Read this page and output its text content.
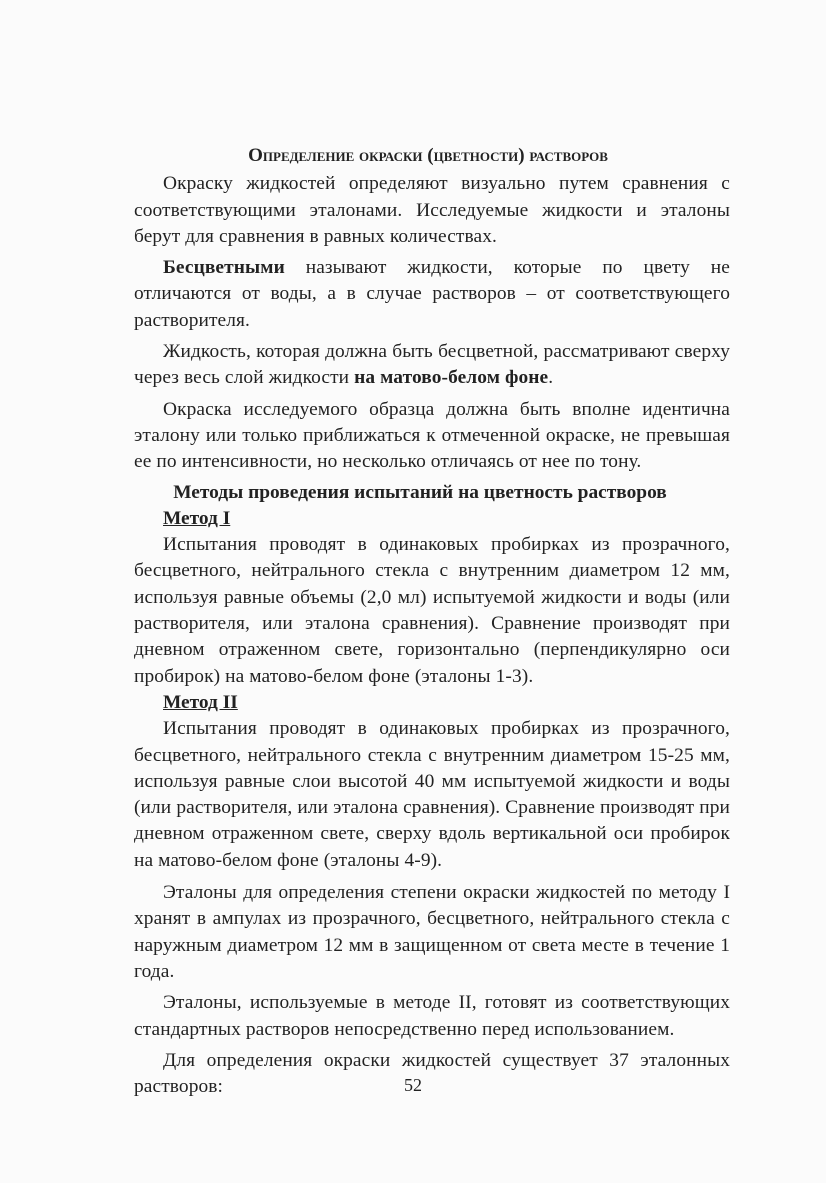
Определение окраски (цветности) растворов

Окраску жидкостей определяют визуально путем сравнения с соответствующими эталонами. Исследуемые жидкости и эталоны берут для сравнения в равных количествах.

Бесцветными называют жидкости, которые по цвету не отличаются от воды, а в случае растворов – от соответствующего растворителя.

Жидкость, которая должна быть бесцветной, рассматривают сверху через весь слой жидкости на матово-белом фоне.

Окраска исследуемого образца должна быть вполне идентична эталону или только приближаться к отмеченной окраске, не превышая ее по интенсивности, но несколько отличаясь от нее по тону.

Методы проведения испытаний на цветность растворов
Метод I

Испытания проводят в одинаковых пробирках из прозрачного, бесцветного, нейтрального стекла с внутренним диаметром 12 мм, используя равные объемы (2,0 мл) испытуемой жидкости и воды (или растворителя, или эталона сравнения). Сравнение производят при дневном отраженном свете, горизонтально (перпендикулярно оси пробирок) на матово-белом фоне (эталоны 1-3).

Метод II

Испытания проводят в одинаковых пробирках из прозрачного, бесцветного, нейтрального стекла с внутренним диаметром 15-25 мм, используя равные слои высотой 40 мм испытуемой жидкости и воды (или растворителя, или эталона сравнения). Сравнение производят при дневном отраженном свете, сверху вдоль вертикальной оси пробирок на матово-белом фоне (эталоны 4-9).

Эталоны для определения степени окраски жидкостей по методу I хранят в ампулах из прозрачного, бесцветного, нейтрального стекла с наружным диаметром 12 мм в защищенном от света месте в течение 1 года.

Эталоны, используемые в методе II, готовят из соответствующих стандартных растворов непосредственно перед использованием.

Для определения окраски жидкостей существует 37 эталонных растворов:	52
